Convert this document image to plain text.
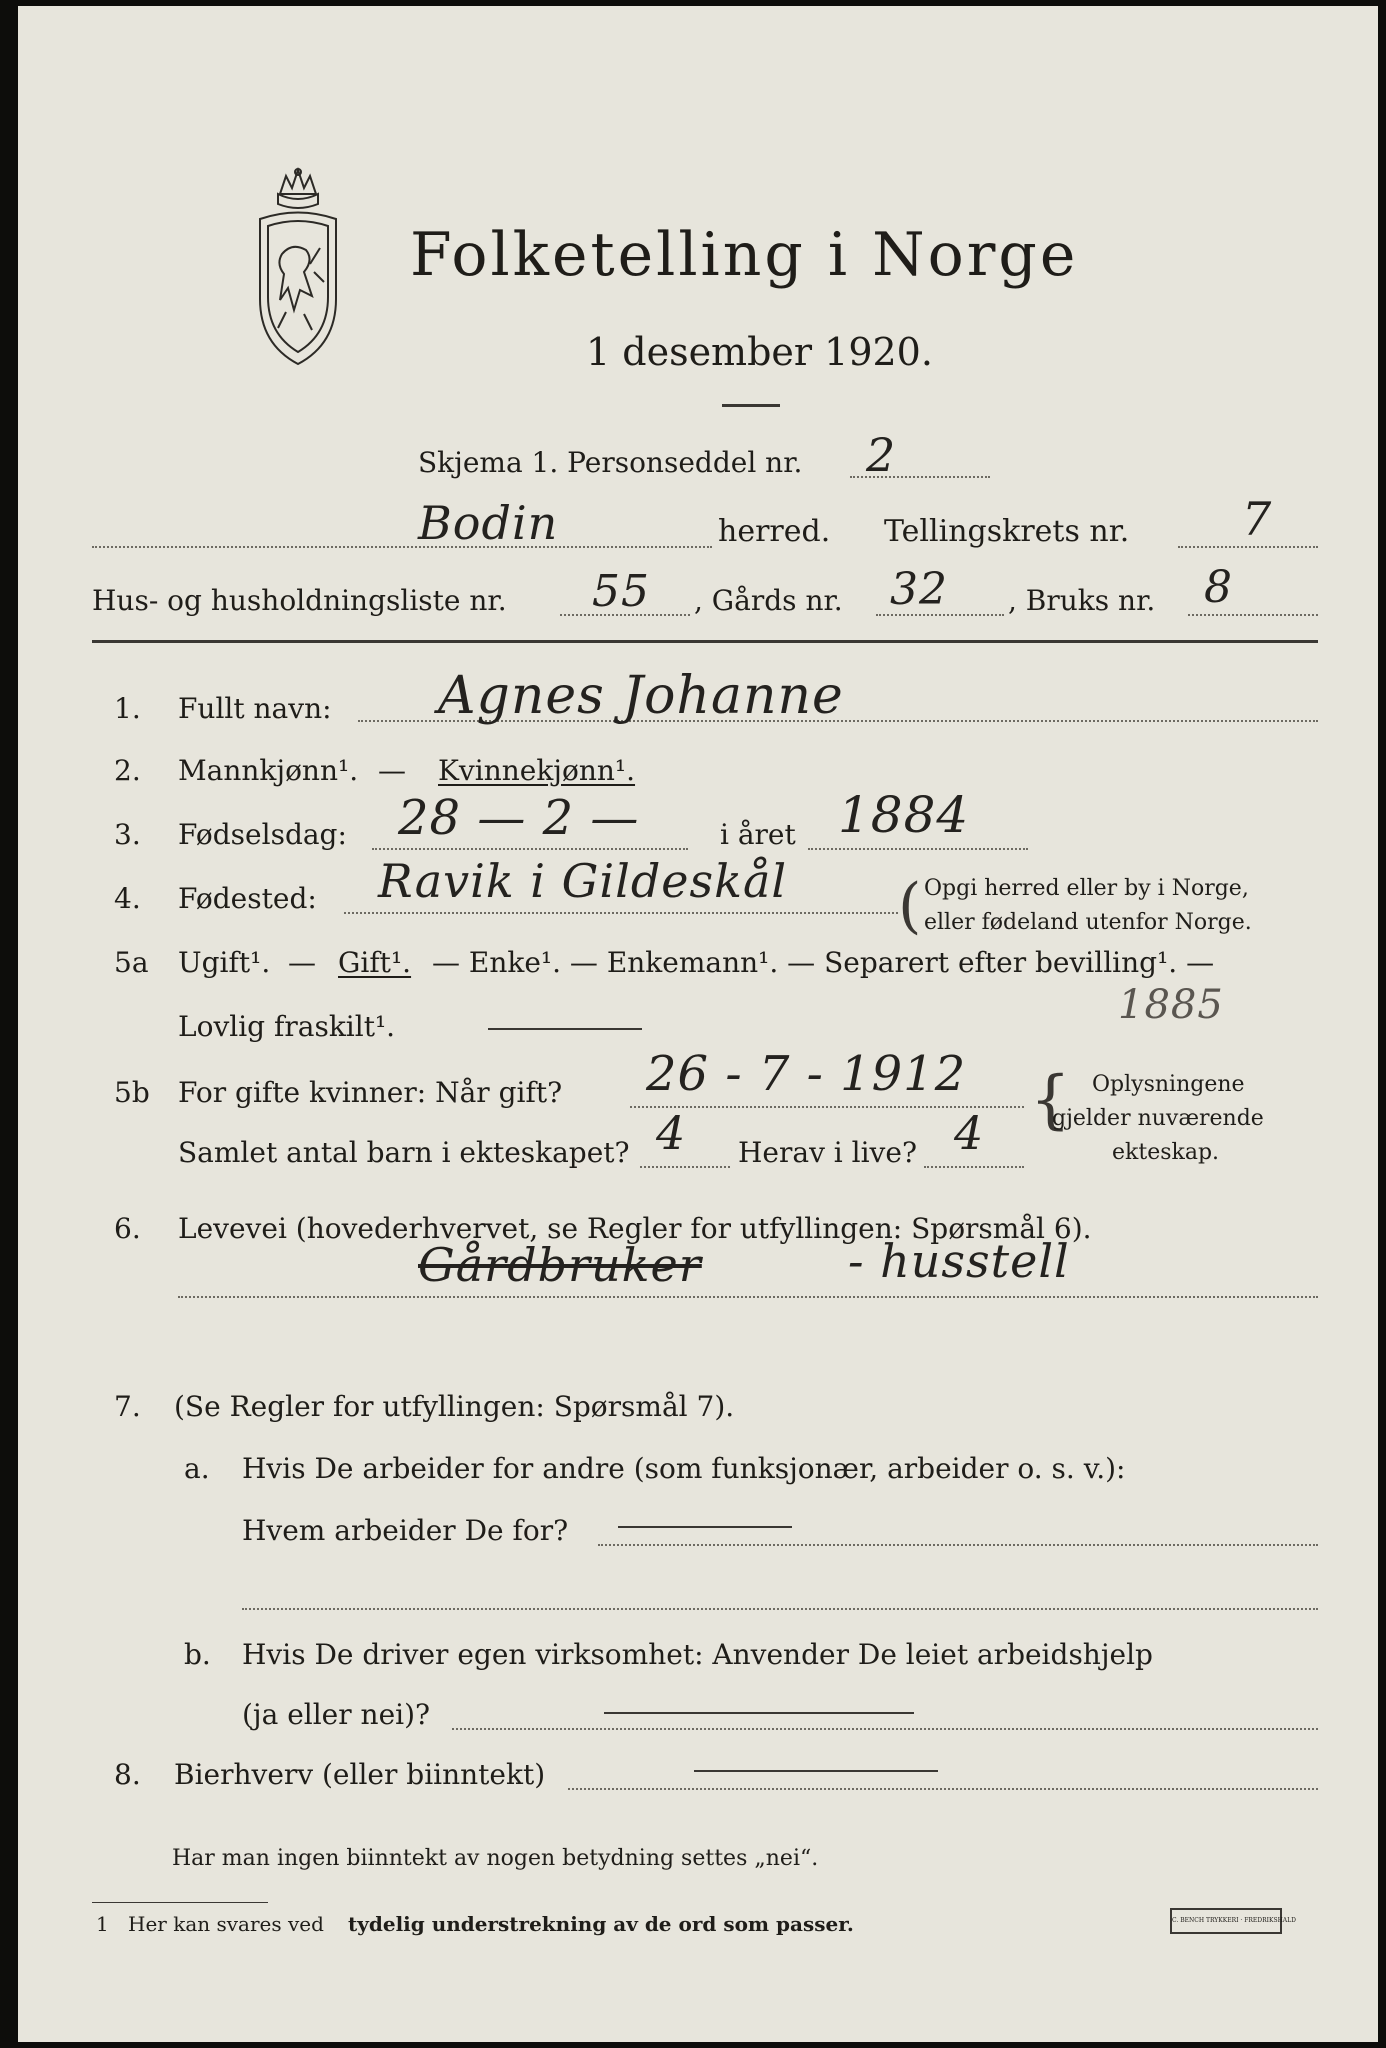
Folketelling i Norge
1 desember 1920.
Skjema 1. Personseddel nr. 2
Bodin	herred. Tellingskrets nr. 7
Hus- og husholdningsliste nr. 55 , Gårds nr. 32 , Bruks nr. 8
1. Fullt navn: Agnes Johanne
2. Mannkjønn¹. — Kvinnekjønn¹.
3. Fødselsdag: 28 — 2 —	i året 1884
4. Fødested: Ravik i Gildeskål ( Opgi herred eller by i Norge,
eller fødeland utenfor Norge.
5a Ugift¹. — Gift¹. — Enke¹. — Enkemann¹. — Separert efter bevilling¹. —
Lovlig fraskilt¹.	1885
5b For gifte kvinner: Når gift? 26 - 7 - 1912
Samlet antal barn i ekteskapet? 4 Herav i live? 4 { Oplysningene
gjelder nuværende
ekteskap.
6. Levevei (hovederhvervet, se Regler for utfyllingen: Spørsmål 6).
Gårdbruker	- husstell
7. (Se Regler for utfyllingen: Spørsmål 7).
a. Hvis De arbeider for andre (som funksjonær, arbeider o. s. v.):
Hvem arbeider De for?
b. Hvis De driver egen virksomhet: Anvender De leiet arbeidshjelp
(ja eller nei)?
8. Bierhverv (eller biinntekt)
Har man ingen biinntekt av nogen betydning settes „nei“.
1 Her kan svares ved tydelig understrekning av de ord som passer.	C. BENCH TRYKKERI · FREDRIKSHALD
